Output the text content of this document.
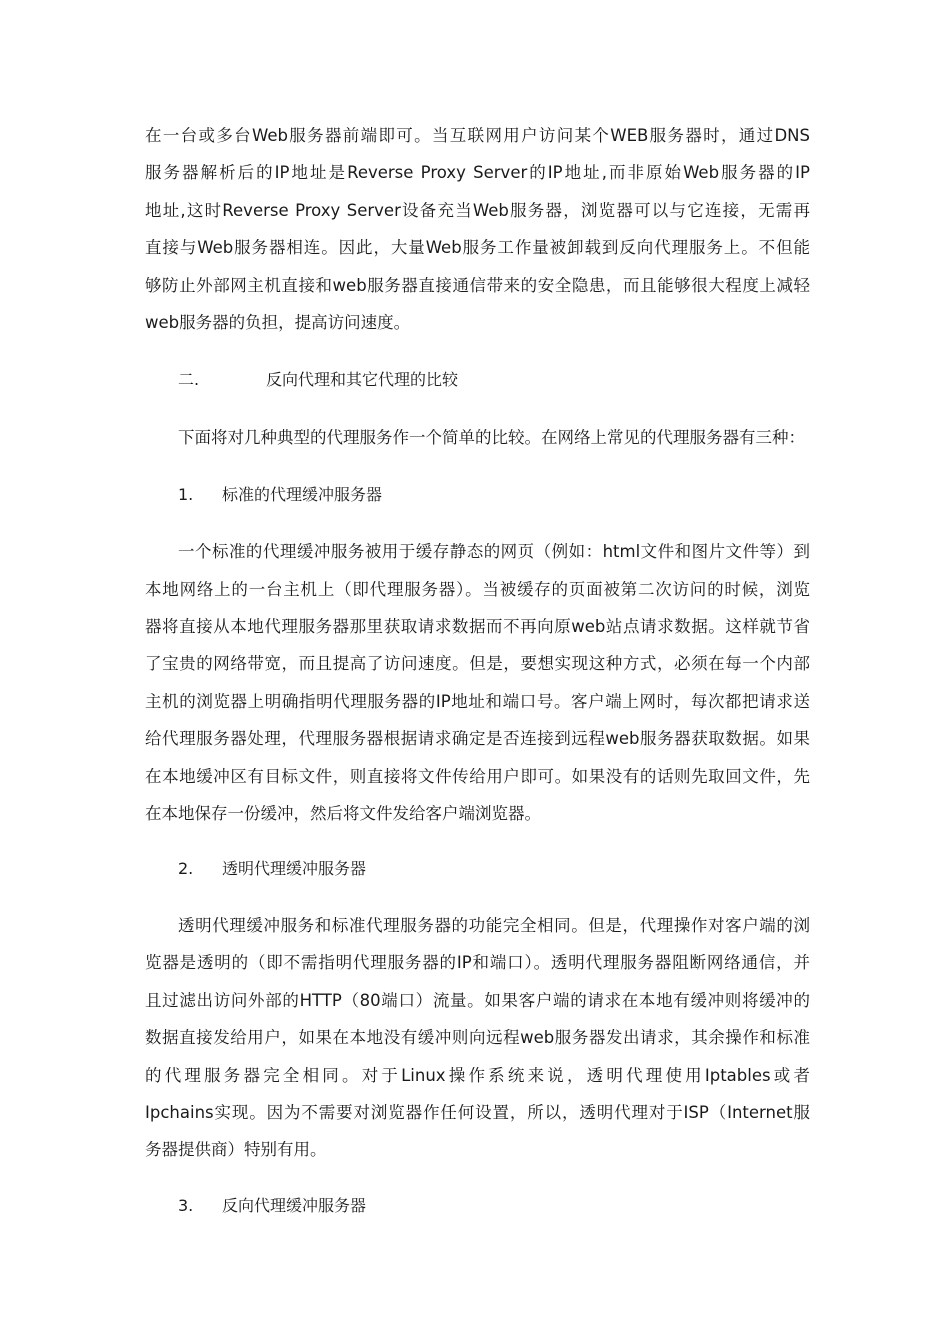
在一台或多台Web服务器前端即可。当互联网用户访问某个WEB服务器时，通过DNS
服务器解析后的IP地址是Reverse Proxy Server的IP地址,而非原始Web服务器的IP
地址,这时Reverse Proxy Server设备充当Web服务器，浏览器可以与它连接，无需再
直接与Web服务器相连。因此，大量Web服务工作量被卸载到反向代理服务上。不但能
够防止外部网主机直接和web服务器直接通信带来的安全隐患，而且能够很大程度上减轻
web服务器的负担，提高访问速度。
二.	反向代理和其它代理的比较
下面将对几种典型的代理服务作一个简单的比较。在网络上常见的代理服务器有三种：
1. 标准的代理缓冲服务器
一个标准的代理缓冲服务被用于缓存静态的网页（例如：html文件和图片文件等）到
本地网络上的一台主机上（即代理服务器）。当被缓存的页面被第二次访问的时候，浏览
器将直接从本地代理服务器那里获取请求数据而不再向原web站点请求数据。这样就节省
了宝贵的网络带宽，而且提高了访问速度。但是，要想实现这种方式，必须在每一个内部
主机的浏览器上明确指明代理服务器的IP地址和端口号。客户端上网时，每次都把请求送
给代理服务器处理，代理服务器根据请求确定是否连接到远程web服务器获取数据。如果
在本地缓冲区有目标文件，则直接将文件传给用户即可。如果没有的话则先取回文件，先
在本地保存一份缓冲，然后将文件发给客户端浏览器。
2. 透明代理缓冲服务器
透明代理缓冲服务和标准代理服务器的功能完全相同。但是，代理操作对客户端的浏
览器是透明的（即不需指明代理服务器的IP和端口）。透明代理服务器阻断网络通信，并
且过滤出访问外部的HTTP（80端口）流量。如果客户端的请求在本地有缓冲则将缓冲的
数据直接发给用户，如果在本地没有缓冲则向远程web服务器发出请求，其余操作和标准
的代理服务器完全相同。对于Linux操作系统来说，透明代理使用Iptables或者
Ipchains实现。因为不需要对浏览器作任何设置，所以，透明代理对于ISP（Internet服
务器提供商）特别有用。
3. 反向代理缓冲服务器
